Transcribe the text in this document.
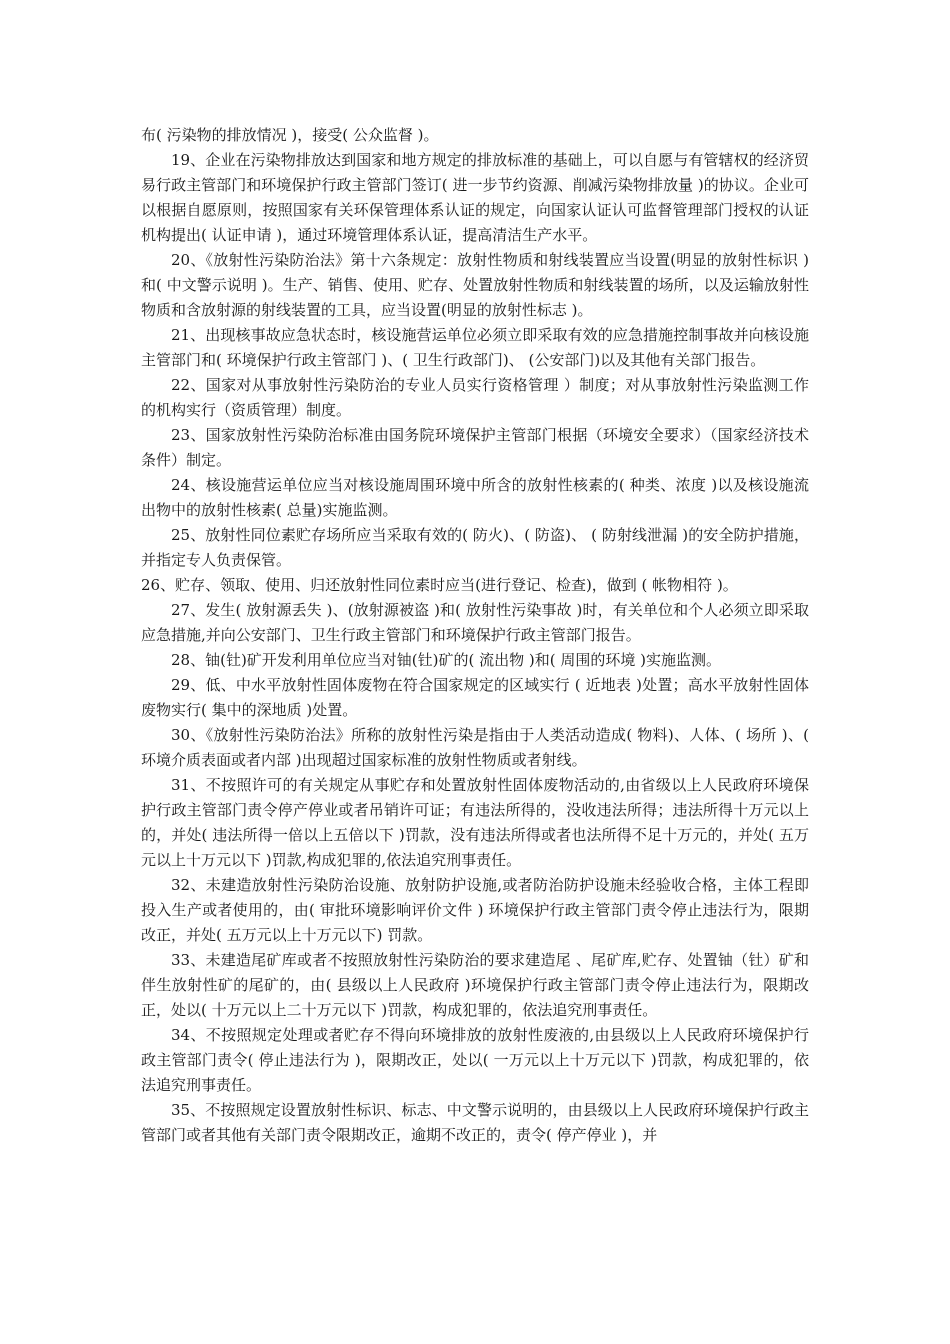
布( 污染物的排放情况 )，接受( 公众监督 )。

19、企业在污染物排放达到国家和地方规定的排放标准的基础上，可以自愿与有管辖权的经济贸易行政主管部门和环境保护行政主管部门签订( 进一步节约资源、削减污染物排放量 )的协议。企业可以根据自愿原则，按照国家有关环保管理体系认证的规定，向国家认证认可监督管理部门授权的认证机构提出( 认证申请 )，通过环境管理体系认证，提高清洁生产水平。

20、《放射性污染防治法》第十六条规定：放射性物质和射线装置应当设置(明显的放射性标识 )和( 中文警示说明 )。生产、销售、使用、贮存、处置放射性物质和射线装置的场所，以及运输放射性物质和含放射源的射线装置的工具，应当设置(明显的放射性标志 )。

21、出现核事故应急状态时，核设施营运单位必须立即采取有效的应急措施控制事故并向核设施主管部门和( 环境保护行政主管部门 )、( 卫生行政部门)、 (公安部门)以及其他有关部门报告。

22、国家对从事放射性污染防治的专业人员实行资格管理 ）制度；对从事放射性污染监测工作的机构实行（资质管理）制度。

23、国家放射性污染防治标准由国务院环境保护主管部门根据（环境安全要求）（国家经济技术条件）制定。

24、核设施营运单位应当对核设施周围环境中所含的放射性核素的( 种类、浓度 )以及核设施流出物中的放射性核素( 总量)实施监测。

25、放射性同位素贮存场所应当采取有效的( 防火)、( 防盗)、 ( 防射线泄漏 )的安全防护措施，并指定专人负责保管。

26、贮存、领取、使用、归还放射性同位素时应当(进行登记、检查)，做到 ( 帐物相符 )。

27、发生( 放射源丢失 )、(放射源被盗 )和( 放射性污染事故 )时，有关单位和个人必须立即采取应急措施,并向公安部门、卫生行政主管部门和环境保护行政主管部门报告。

28、铀(钍)矿开发利用单位应当对铀(钍)矿的( 流出物 )和( 周围的环境 )实施监测。

29、低、中水平放射性固体废物在符合国家规定的区域实行 ( 近地表 )处置；高水平放射性固体废物实行( 集中的深地质 )处置。

30、《放射性污染防治法》所称的放射性污染是指由于人类活动造成( 物料)、人体、( 场所 )、( 环境介质表面或者内部 )出现超过国家标准的放射性物质或者射线。

31、不按照许可的有关规定从事贮存和处置放射性固体废物活动的,由省级以上人民政府环境保护行政主管部门责令停产停业或者吊销许可证；有违法所得的，没收违法所得；违法所得十万元以上的，并处( 违法所得一倍以上五倍以下 )罚款，没有违法所得或者也法所得不足十万元的，并处( 五万元以上十万元以下 )罚款,构成犯罪的,依法追究刑事责任。

32、未建造放射性污染防治设施、放射防护设施,或者防治防护设施未经验收合格，主体工程即投入生产或者使用的，由( 审批环境影响评价文件 ) 环境保护行政主管部门责令停止违法行为，限期改正，并处( 五万元以上十万元以下) 罚款。

33、未建造尾矿库或者不按照放射性污染防治的要求建造尾 、尾矿库,贮存、处置铀（钍）矿和伴生放射性矿的尾矿的，由( 县级以上人民政府 )环境保护行政主管部门责令停止违法行为，限期改正，处以( 十万元以上二十万元以下 )罚款，构成犯罪的，依法追究刑事责任。

34、不按照规定处理或者贮存不得向环境排放的放射性废液的,由县级以上人民政府环境保护行政主管部门责令( 停止违法行为 )，限期改正，处以( 一万元以上十万元以下 )罚款，构成犯罪的，依法追究刑事责任。

35、不按照规定设置放射性标识、标志、中文警示说明的，由县级以上人民政府环境保护行政主管部门或者其他有关部门责令限期改正，逾期不改正的，责令( 停产停业 )，并
